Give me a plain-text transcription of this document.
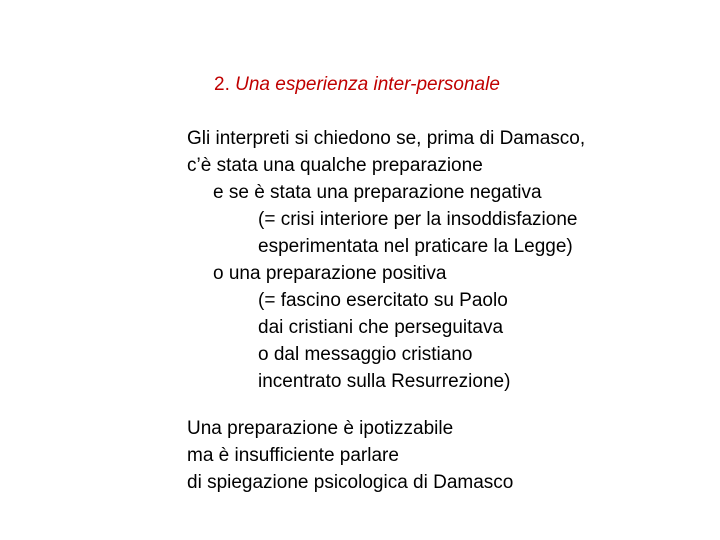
2. Una esperienza inter-personale
Gli interpreti si chiedono se, prima di Damasco,
c’è stata una qualche preparazione
e se è stata una preparazione negativa
(= crisi interiore per la insoddisfazione
esperimentata nel praticare la Legge)
o una preparazione positiva
(= fascino esercitato su Paolo
dai cristiani che perseguitava
o dal messaggio cristiano
incentrato sulla Resurrezione)
Una preparazione è ipotizzabile
ma è insufficiente parlare
di spiegazione psicologica di Damasco
